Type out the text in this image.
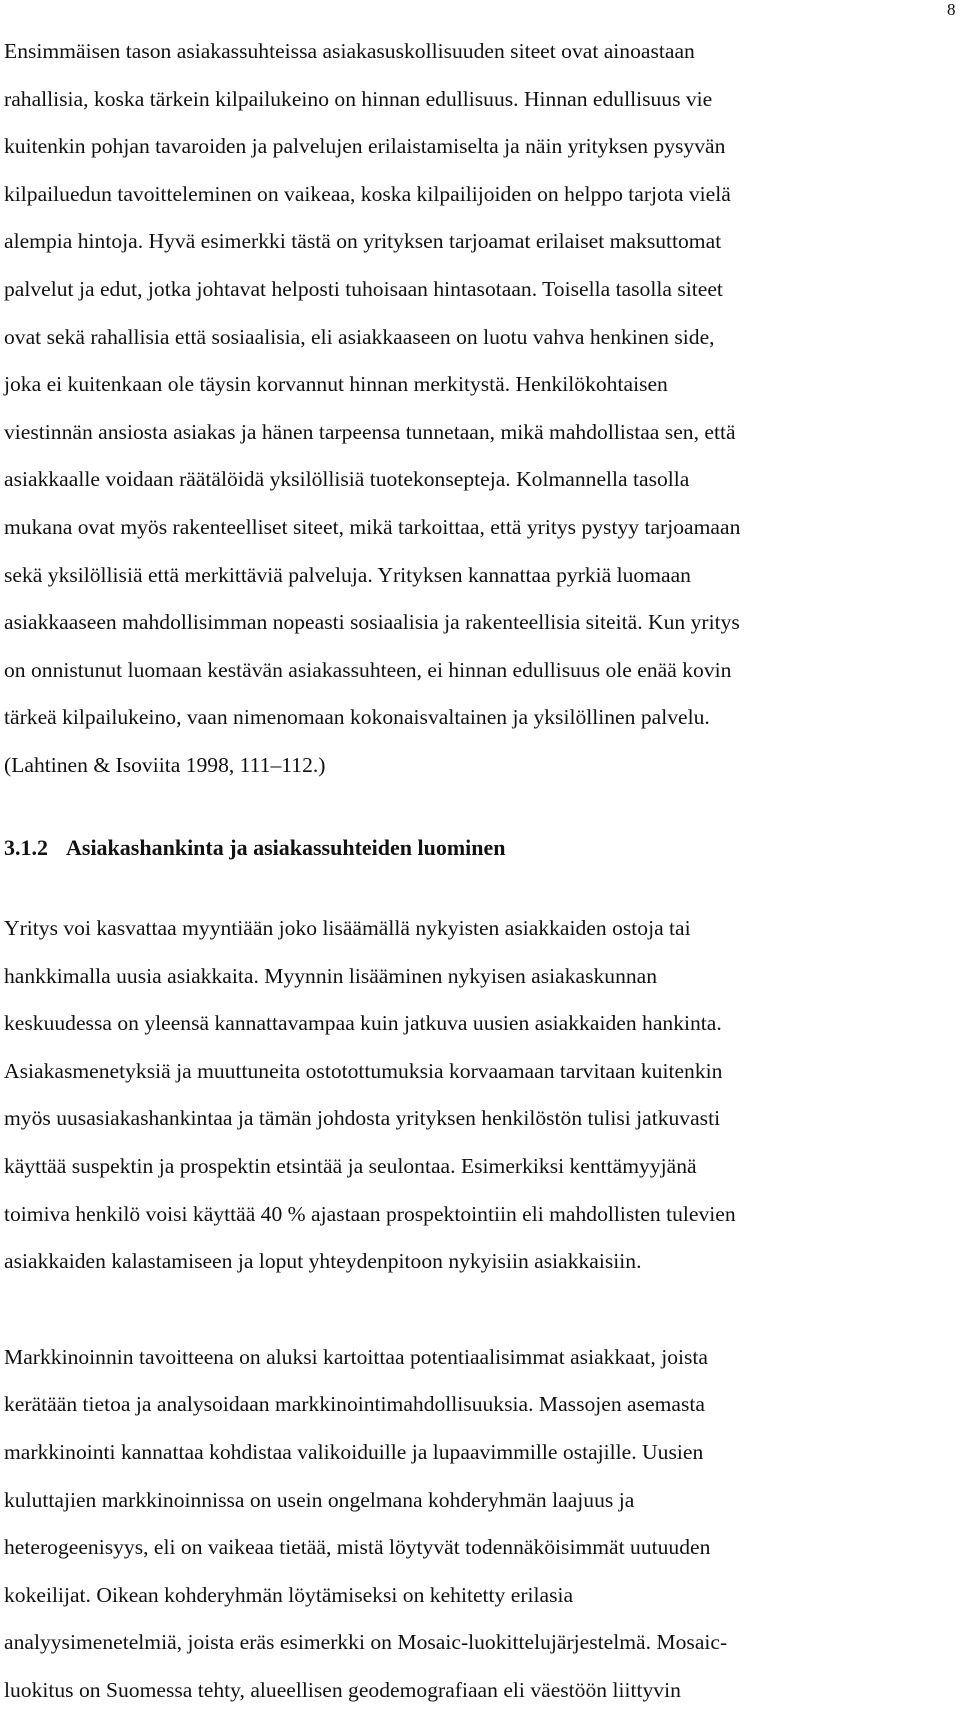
8

Ensimmäisen tason asiakassuhteissa asiakasuskollisuuden siteet ovat ainoastaan
rahallisia, koska tärkein kilpailukeino on hinnan edullisuus. Hinnan edullisuus vie
kuitenkin pohjan tavaroiden ja palvelujen erilaistamiselta ja näin yrityksen pysyvän
kilpailuedun tavoitteleminen on vaikeaa, koska kilpailijoiden on helppo tarjota vielä
alempia hintoja. Hyvä esimerkki tästä on yrityksen tarjoamat erilaiset maksuttomat
palvelut ja edut, jotka johtavat helposti tuhoisaan hintasotaan. Toisella tasolla siteet
ovat sekä rahallisia että sosiaalisia, eli asiakkaaseen on luotu vahva henkinen side,
joka ei kuitenkaan ole täysin korvannut hinnan merkitystä. Henkilökohtaisen
viestinnän ansiosta asiakas ja hänen tarpeensa tunnetaan, mikä mahdollistaa sen, että
asiakkaalle voidaan räätälöidä yksilöllisiä tuotekonsepteja. Kolmannella tasolla
mukana ovat myös rakenteelliset siteet, mikä tarkoittaa, että yritys pystyy tarjoamaan
sekä yksilöllisiä että merkittäviä palveluja. Yrityksen kannattaa pyrkiä luomaan
asiakkaaseen mahdollisimman nopeasti sosiaalisia ja rakenteellisia siteitä. Kun yritys
on onnistunut luomaan kestävän asiakassuhteen, ei hinnan edullisuus ole enää kovin
tärkeä kilpailukeino, vaan nimenomaan kokonaisvaltainen ja yksilöllinen palvelu.
(Lahtinen & Isoviita 1998, 111–112.)

3.1.2 Asiakashankinta ja asiakassuhteiden luominen

Yritys voi kasvattaa myyntiään joko lisäämällä nykyisten asiakkaiden ostoja tai
hankkimalla uusia asiakkaita. Myynnin lisääminen nykyisen asiakaskunnan
keskuudessa on yleensä kannattavampaa kuin jatkuva uusien asiakkaiden hankinta.
Asiakasmenetyksiä ja muuttuneita ostotottumuksia korvaamaan tarvitaan kuitenkin
myös uusasiakashankintaa ja tämän johdosta yrityksen henkilöstön tulisi jatkuvasti
käyttää suspektin ja prospektin etsintää ja seulontaa. Esimerkiksi kenttämyyjänä
toimiva henkilö voisi käyttää 40 % ajastaan prospektointiin eli mahdollisten tulevien
asiakkaiden kalastamiseen ja loput yhteydenpitoon nykyisiin asiakkaisiin.

Markkinoinnin tavoitteena on aluksi kartoittaa potentiaalisimmat asiakkaat, joista
kerätään tietoa ja analysoidaan markkinointimahdollisuuksia. Massojen asemasta
markkinointi kannattaa kohdistaa valikoiduille ja lupaavimmille ostajille. Uusien
kuluttajien markkinoinnissa on usein ongelmana kohderyhmän laajuus ja
heterogeenisyys, eli on vaikeaa tietää, mistä löytyvät todennäköisimmät uutuuden
kokeilijat. Oikean kohderyhmän löytämiseksi on kehitetty erilasia
analyysimenetelmiä, joista eräs esimerkki on Mosaic-luokittelujärjestelmä. Mosaic-
luokitus on Suomessa tehty, alueellisen geodemografiaan eli väestöön liittyvin
